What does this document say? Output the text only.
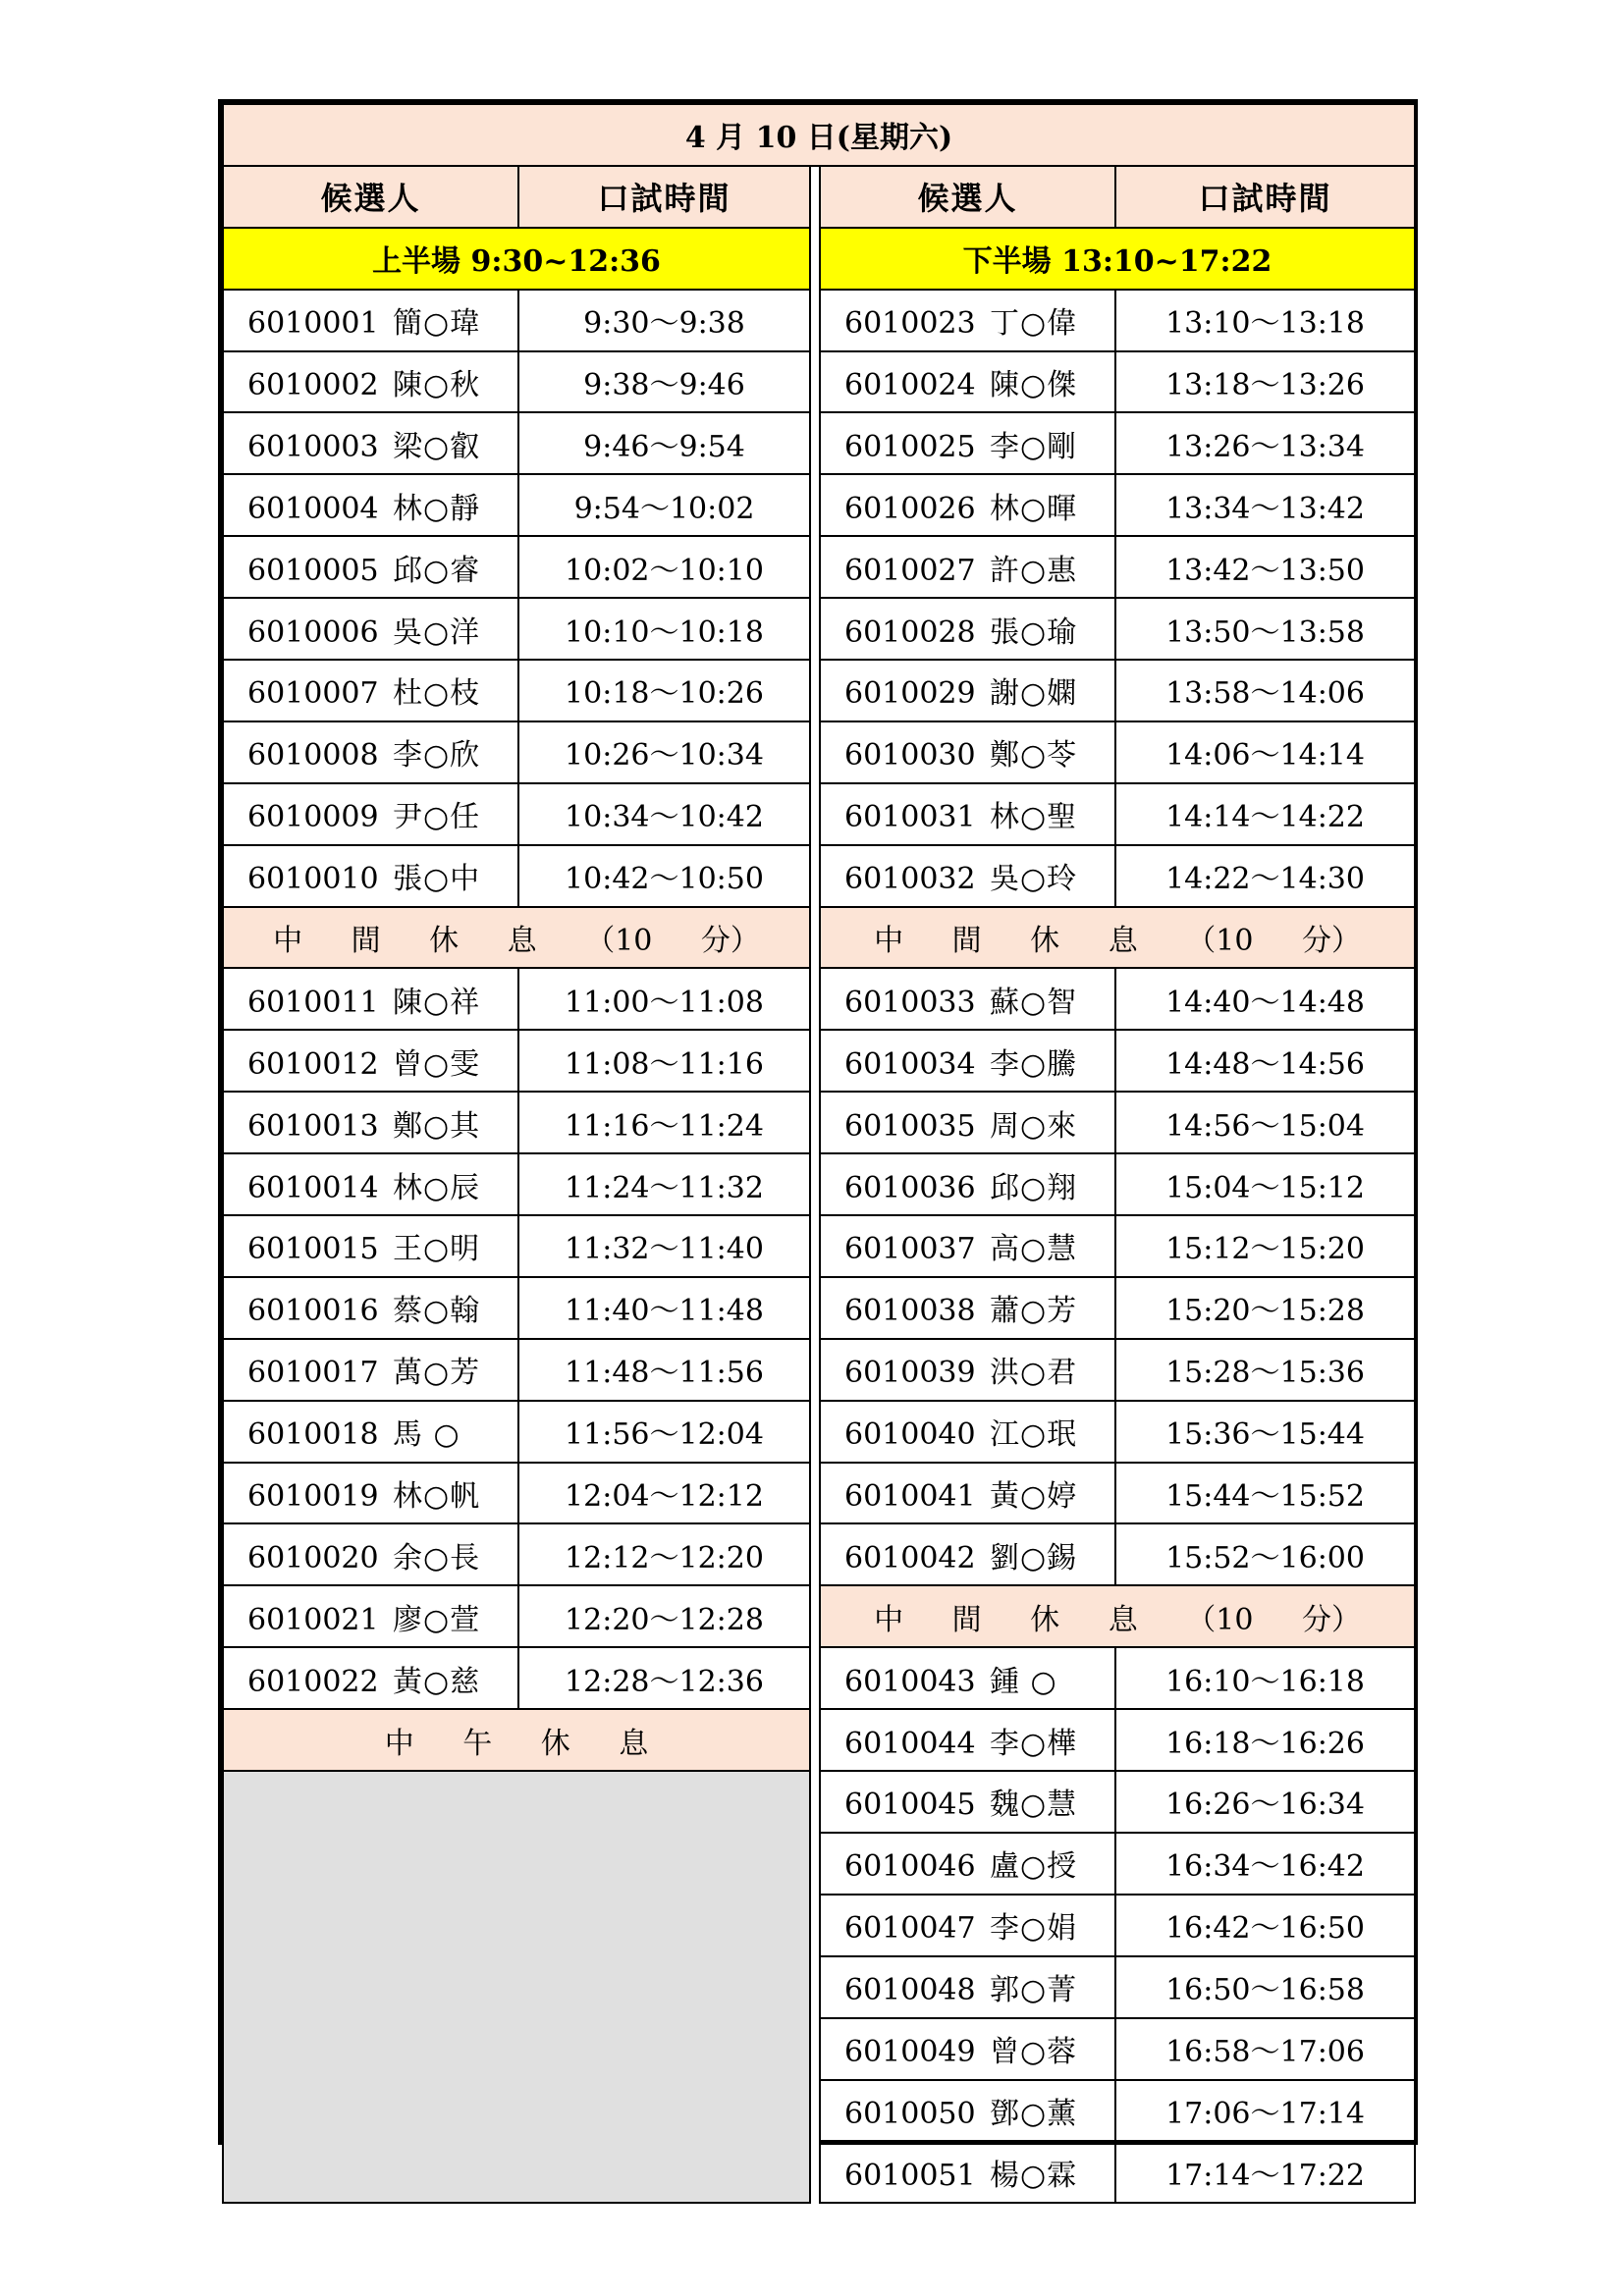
4 月 10 日(星期六)				
候選人	口試時間		候選人	口試時間
上半場 9:30~12:36			下半場 13:10~17:22	
6010001 簡○瑋	9:30～9:38		6010023 丁○偉	13:10～13:18
6010002 陳○秋	9:38～9:46		6010024 陳○傑	13:18～13:26
6010003 梁○叡	9:46～9:54		6010025 李○剛	13:26～13:34
6010004 林○靜	9:54～10:02		6010026 林○暉	13:34～13:42
6010005 邱○睿	10:02～10:10		6010027 許○惠	13:42～13:50
6010006 吳○洋	10:10～10:18		6010028 張○瑜	13:50～13:58
6010007 杜○枝	10:18～10:26		6010029 謝○嫻	13:58～14:06
6010008 李○欣	10:26～10:34		6010030 鄭○苓	14:06～14:14
6010009 尹○任	10:34～10:42		6010031 林○聖	14:14～14:22
6010010 張○中	10:42～10:50		6010032 吳○玲	14:22～14:30
中 間 休 息 （10 分）			中 間 休 息 （10 分）	
6010011 陳○祥	11:00～11:08		6010033 蘇○智	14:40～14:48
6010012 曾○雯	11:08～11:16		6010034 李○騰	14:48～14:56
6010013 鄭○其	11:16～11:24		6010035 周○來	14:56～15:04
6010014 林○辰	11:24～11:32		6010036 邱○翔	15:04～15:12
6010015 王○明	11:32～11:40		6010037 高○慧	15:12～15:20
6010016 蔡○翰	11:40～11:48		6010038 蕭○芳	15:20～15:28
6010017 萬○芳	11:48～11:56		6010039 洪○君	15:28～15:36
6010018 馬 ○	11:56～12:04		6010040 江○珉	15:36～15:44
6010019 林○帆	12:04～12:12		6010041 黃○婷	15:44～15:52
6010020 余○長	12:12～12:20		6010042 劉○錫	15:52～16:00
6010021 廖○萱	12:20～12:28		中 間 休 息 （10 分）	
6010022 黃○慈	12:28～12:36		6010043 鍾 ○	16:10～16:18
中 午 休 息			6010044 李○樺	16:18～16:26
			6010045 魏○慧	16:26～16:34
			6010046 盧○授	16:34～16:42
			6010047 李○娟	16:42～16:50
			6010048 郭○菁	16:50～16:58
			6010049 曾○蓉	16:58～17:06
			6010050 鄧○薰	17:06～17:14
			6010051 楊○霖	17:14～17:22
